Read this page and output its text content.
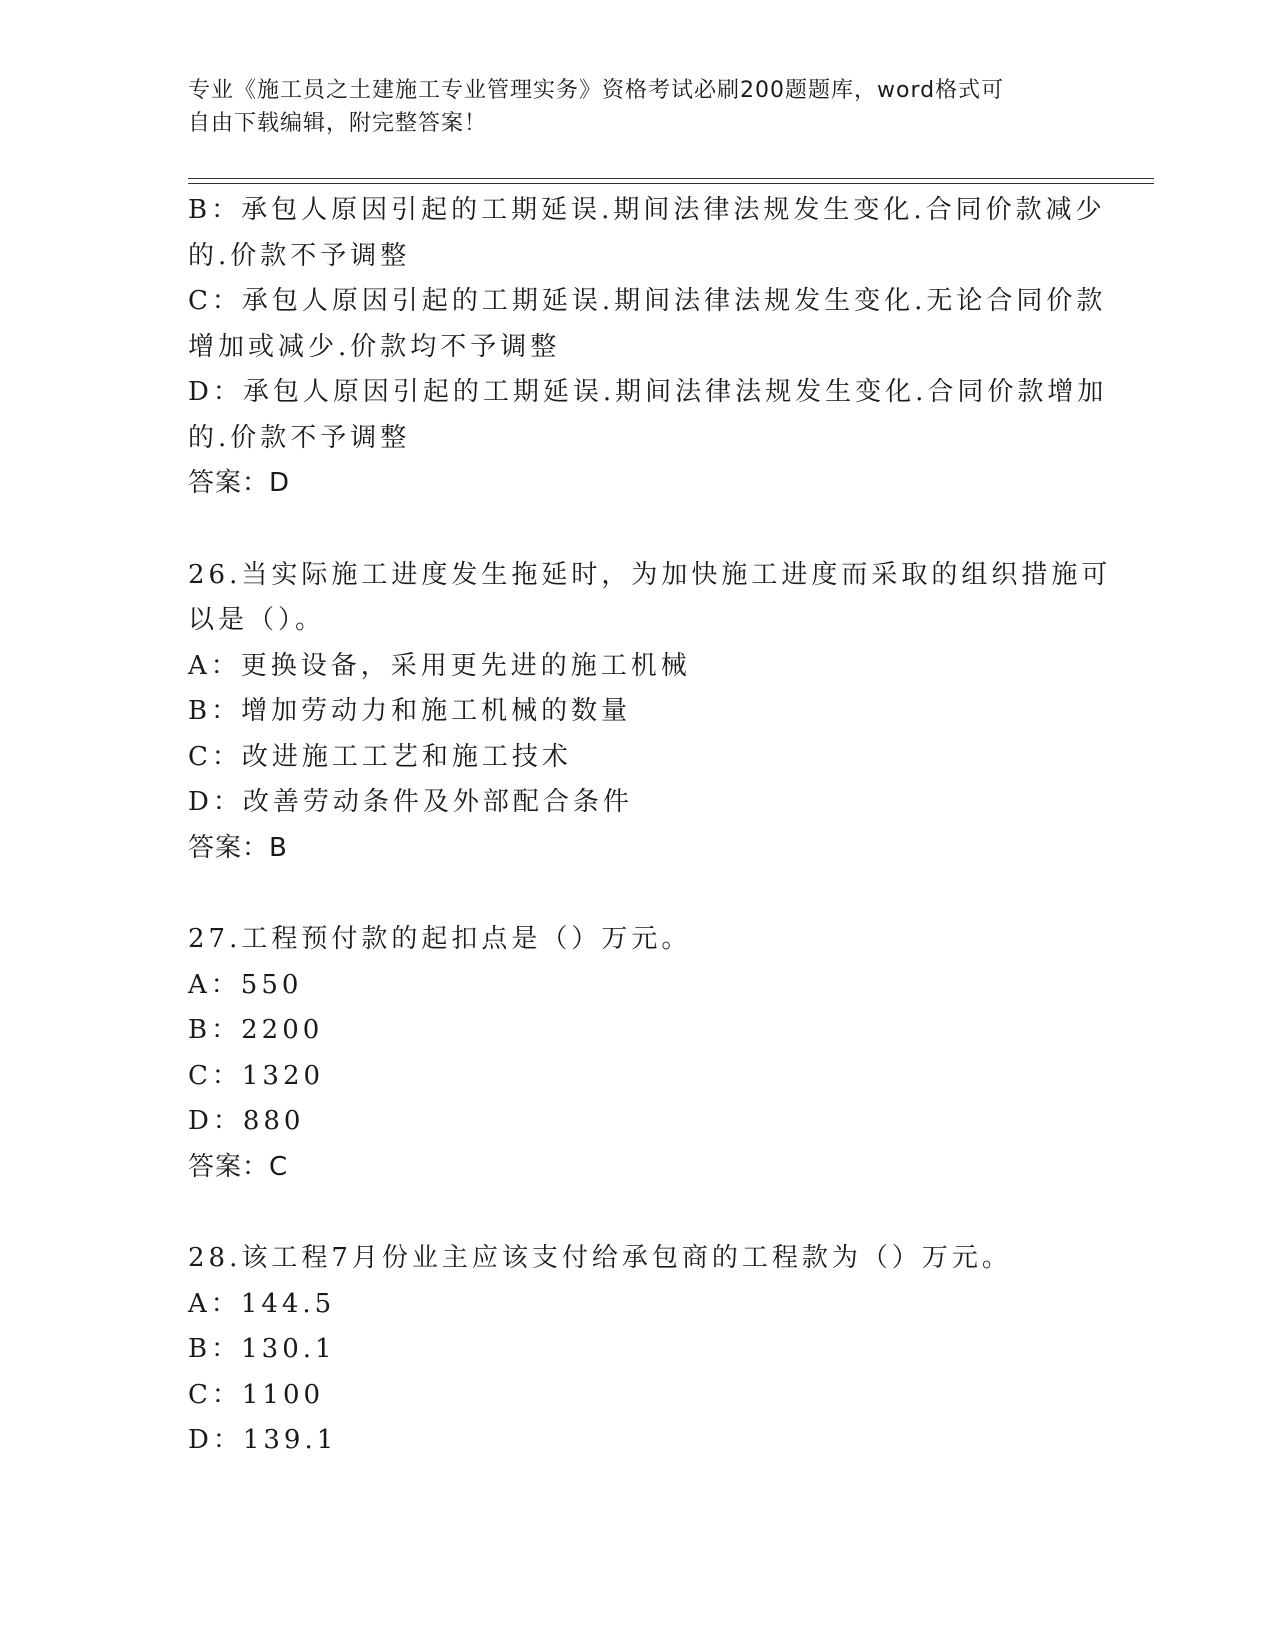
专业《施工员之土建施工专业管理实务》资格考试必刷200题题库，word格式可
自由下载编辑，附完整答案！

B：承包人原因引起的工期延误.期间法律法规发生变化.合同价款减少

的.价款不予调整

C：承包人原因引起的工期延误.期间法律法规发生变化.无论合同价款

增加或减少.价款均不予调整

D：承包人原因引起的工期延误.期间法律法规发生变化.合同价款增加

的.价款不予调整

答案：D

26.当实际施工进度发生拖延时，为加快施工进度而采取的组织措施可

以是（）。

A：更换设备，采用更先进的施工机械

B：增加劳动力和施工机械的数量

C：改进施工工艺和施工技术

D：改善劳动条件及外部配合条件

答案：B

27.工程预付款的起扣点是（）万元。

A：550

B：2200

C：1320

D：880

答案：C

28.该工程7月份业主应该支付给承包商的工程款为（）万元。

A：144.5

B：130.1

C：1100

D：139.1
